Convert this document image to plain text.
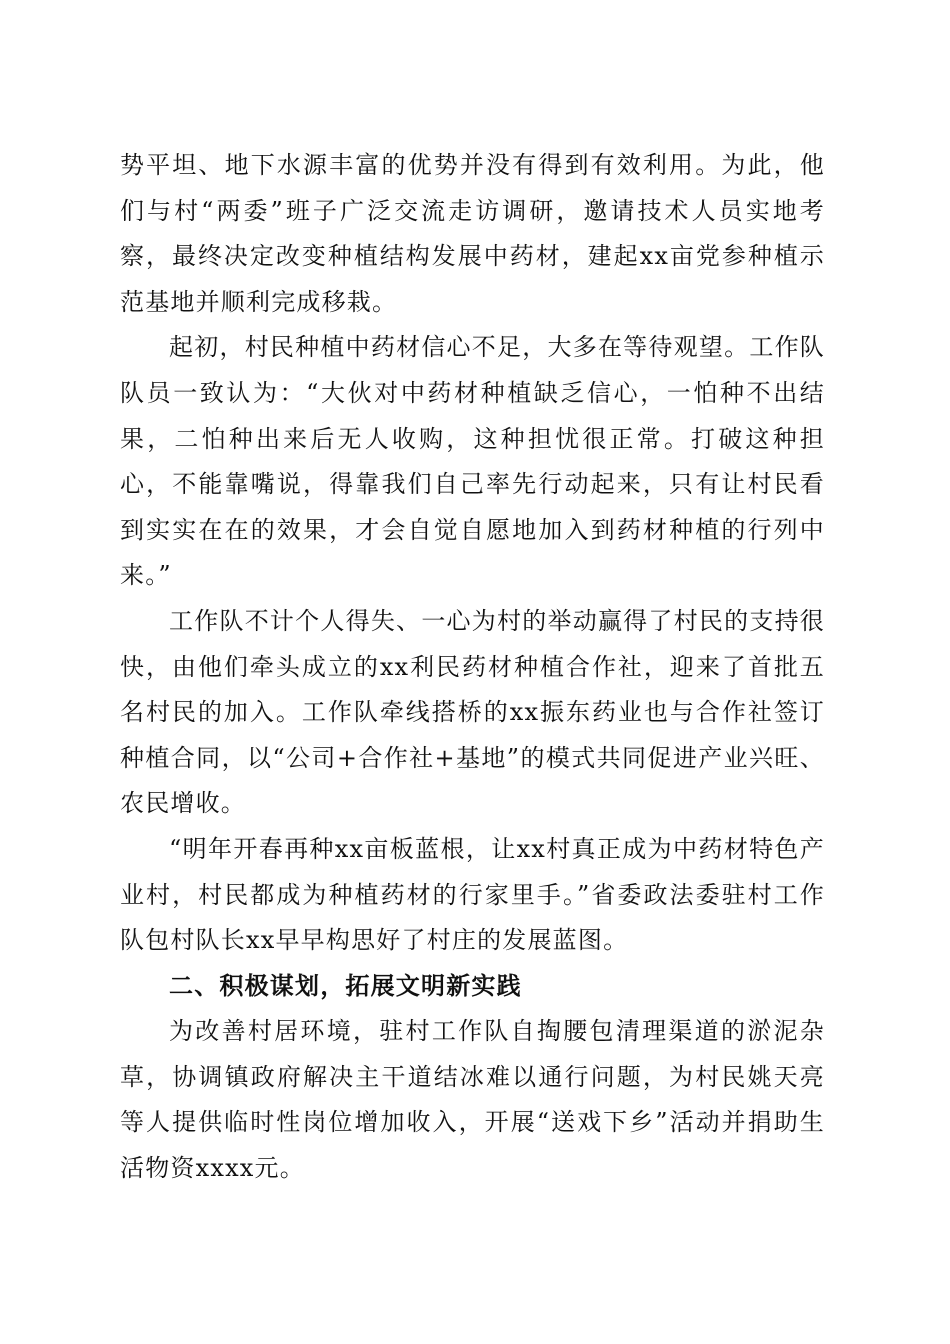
势平坦、地下水源丰富的优势并没有得到有效利用。为此，他们与村“两委”班子广泛交流走访调研，邀请技术人员实地考察，最终决定改变种植结构发展中药材，建起xx亩党参种植示范基地并顺利完成移栽。

起初，村民种植中药材信心不足，大多在等待观望。工作队队员一致认为：“大伙对中药材种植缺乏信心，一怕种不出结果，二怕种出来后无人收购，这种担忧很正常。打破这种担心，不能靠嘴说，得靠我们自己率先行动起来，只有让村民看到实实在在的效果，才会自觉自愿地加入到药材种植的行列中来。”

工作队不计个人得失、一心为村的举动赢得了村民的支持很快，由他们牵头成立的xx利民药材种植合作社，迎来了首批五名村民的加入。工作队牵线搭桥的xx振东药业也与合作社签订种植合同，以“公司+合作社+基地”的模式共同促进产业兴旺、农民增收。

“明年开春再种xx亩板蓝根，让xx村真正成为中药材特色产业村，村民都成为种植药材的行家里手。”省委政法委驻村工作队包村队长xx早早构思好了村庄的发展蓝图。

二、积极谋划，拓展文明新实践

为改善村居环境，驻村工作队自掏腰包清理渠道的淤泥杂草，协调镇政府解决主干道结冰难以通行问题，为村民姚天亮等人提供临时性岗位增加收入，开展“送戏下乡”活动并捐助生活物资xxxx元。
